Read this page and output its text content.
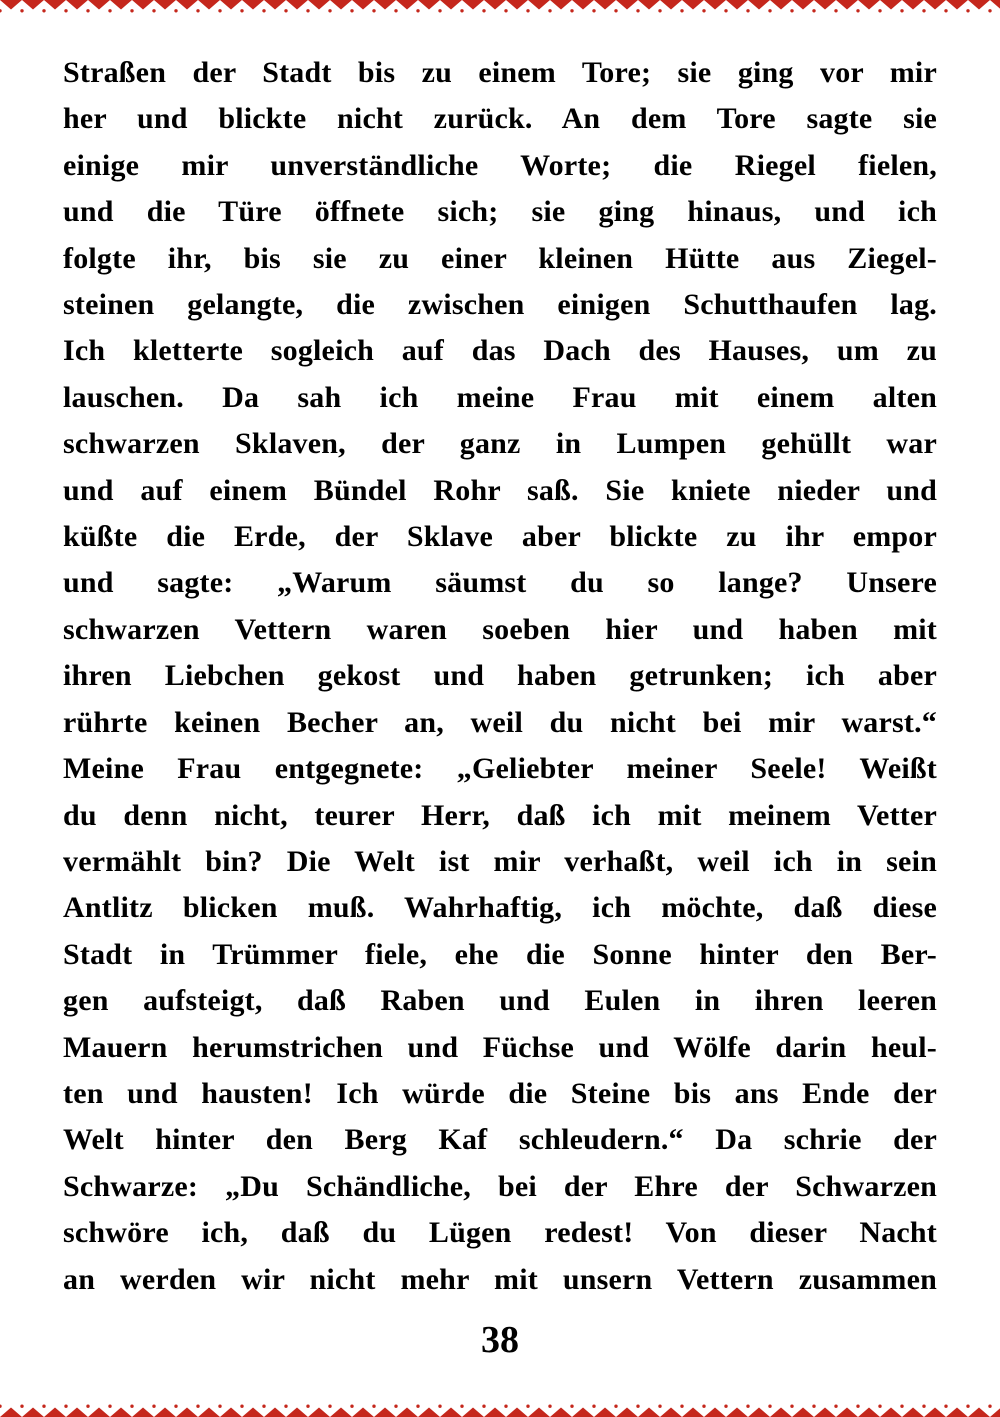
Straßen der Stadt bis zu einem Tore; sie ging vor mir
her und blickte nicht zurück. An dem Tore sagte sie
einige mir unverständliche Worte; die Riegel fielen,
und die Türe öffnete sich; sie ging hinaus, und ich
folgte ihr, bis sie zu einer kleinen Hütte aus Ziegel-
steinen gelangte, die zwischen einigen Schutthaufen lag.
Ich kletterte sogleich auf das Dach des Hauses, um zu
lauschen. Da sah ich meine Frau mit einem alten
schwarzen Sklaven, der ganz in Lumpen gehüllt war
und auf einem Bündel Rohr saß. Sie kniete nieder und
küßte die Erde, der Sklave aber blickte zu ihr empor
und sagte: „Warum säumst du so lange? Unsere
schwarzen Vettern waren soeben hier und haben mit
ihren Liebchen gekost und haben getrunken; ich aber
rührte keinen Becher an, weil du nicht bei mir warst.“
Meine Frau entgegnete: „Geliebter meiner Seele! Weißt
du denn nicht, teurer Herr, daß ich mit meinem Vetter
vermählt bin? Die Welt ist mir verhaßt, weil ich in sein
Antlitz blicken muß. Wahrhaftig, ich möchte, daß diese
Stadt in Trümmer fiele, ehe die Sonne hinter den Ber-
gen aufsteigt, daß Raben und Eulen in ihren leeren
Mauern herumstrichen und Füchse und Wölfe darin heul-
ten und hausten! Ich würde die Steine bis ans Ende der
Welt hinter den Berg Kaf schleudern.“ Da schrie der
Schwarze: „Du Schändliche, bei der Ehre der Schwarzen
schwöre ich, daß du Lügen redest! Von dieser Nacht
an werden wir nicht mehr mit unsern Vettern zusammen
38
